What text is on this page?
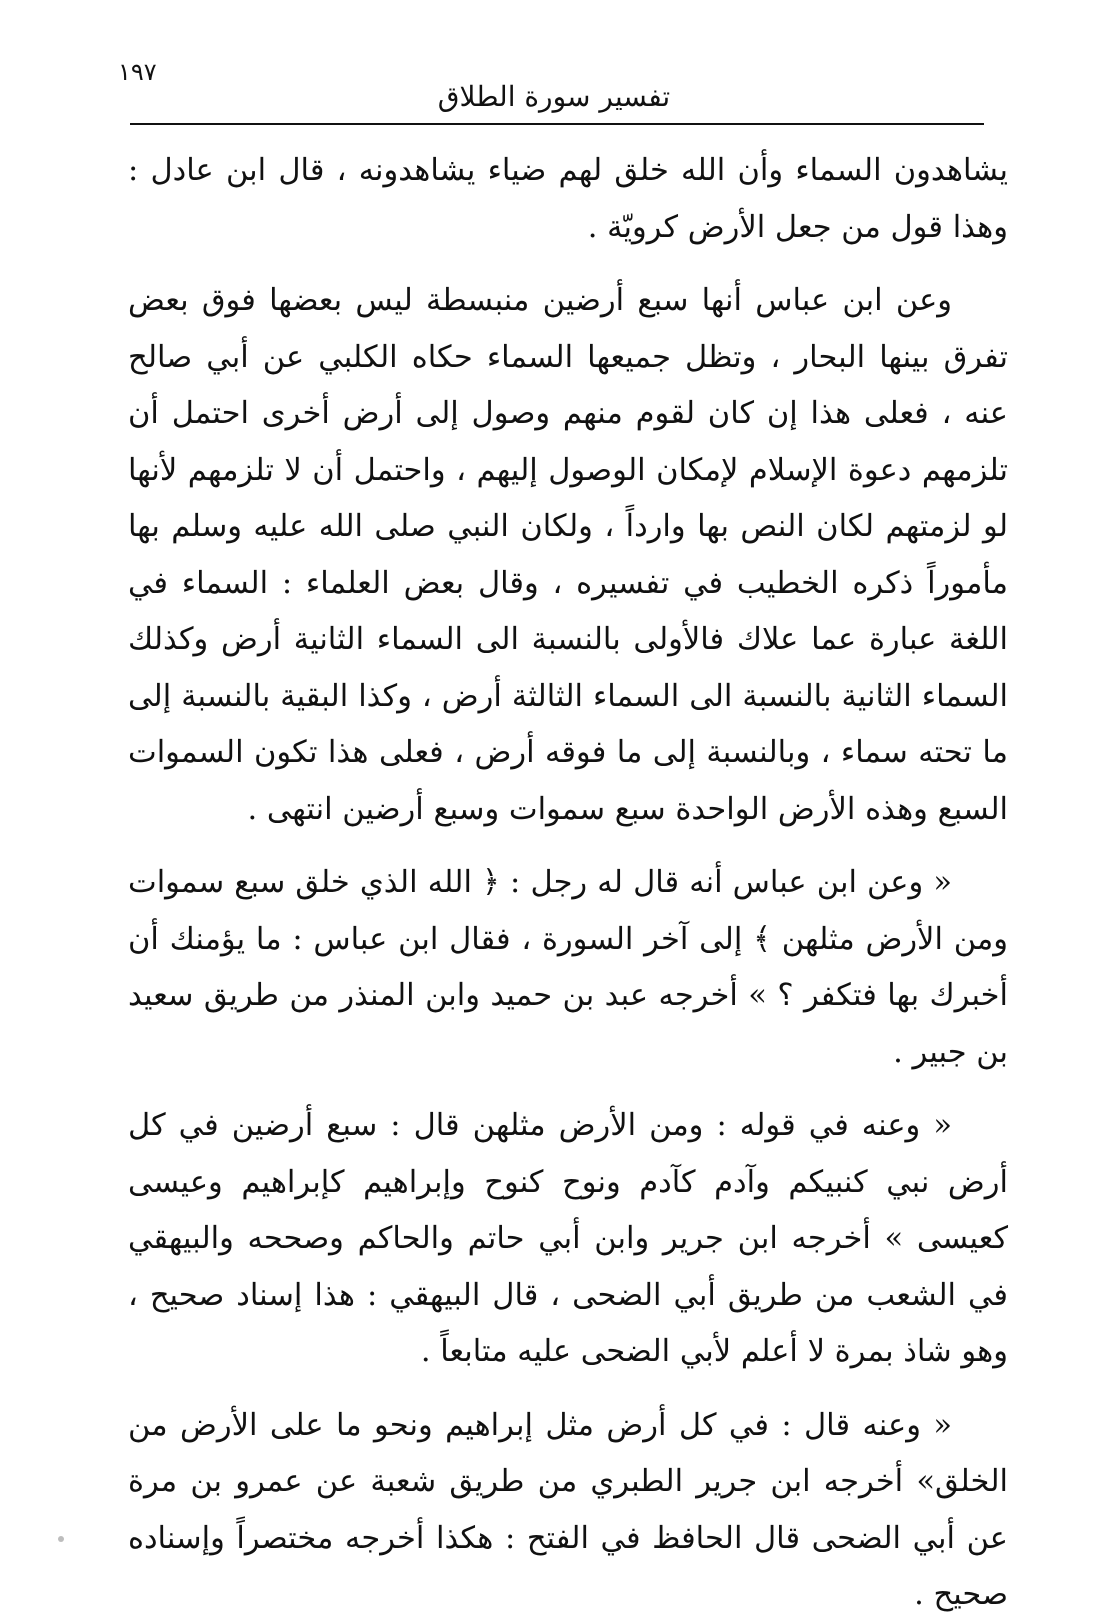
١٩٧
تفسير سورة الطلاق

يشاهدون السماء وأن الله خلق لهم ضياء يشاهدونه ، قال ابن عادل : وهذا قول من جعل الأرض كرويّة .

وعن ابن عباس أنها سبع أرضين منبسطة ليس بعضها فوق بعض تفرق بينها البحار ، وتظل جميعها السماء حكاه الكلبي عن أبي صالح عنه ، فعلى هذا إن كان لقوم منهم وصول إلى أرض أخرى احتمل أن تلزمهم دعوة الإسلام لإمكان الوصول إليهم ، واحتمل أن لا تلزمهم لأنها لو لزمتهم لكان النص بها وارداً ، ولكان النبي صلى الله عليه وسلم بها مأموراً ذكره الخطيب في تفسيره ، وقال بعض العلماء : السماء في اللغة عبارة عما علاك فالأولى بالنسبة الى السماء الثانية أرض وكذلك السماء الثانية بالنسبة الى السماء الثالثة أرض ، وكذا البقية بالنسبة إلى ما تحته سماء ، وبالنسبة إلى ما فوقه أرض ، فعلى هذا تكون السموات السبع وهذه الأرض الواحدة سبع سموات وسبع أرضين انتهى .

« وعن ابن عباس أنه قال له رجل : ﴿ الله الذي خلق سبع سموات ومن الأرض مثلهن ﴾ إلى آخر السورة ، فقال ابن عباس : ما يؤمنك أن أخبرك بها فتكفر ؟ » أخرجه عبد بن حميد وابن المنذر من طريق سعيد بن جبير .

« وعنه في قوله : ومن الأرض مثلهن قال : سبع أرضين في كل أرض نبي كنبيكم وآدم كآدم ونوح كنوح وإبراهيم كإبراهيم وعيسى كعيسى » أخرجه ابن جرير وابن أبي حاتم والحاكم وصححه والبيهقي في الشعب من طريق أبي الضحى ، قال البيهقي : هذا إسناد صحيح ، وهو شاذ بمرة لا أعلم لأبي الضحى عليه متابعاً .

« وعنه قال : في كل أرض مثل إبراهيم ونحو ما على الأرض من الخلق» أخرجه ابن جرير الطبري من طريق شعبة عن عمرو بن مرة عن أبي الضحى قال الحافظ في الفتح : هكذا أخرجه مختصراً وإسناده صحيح .
